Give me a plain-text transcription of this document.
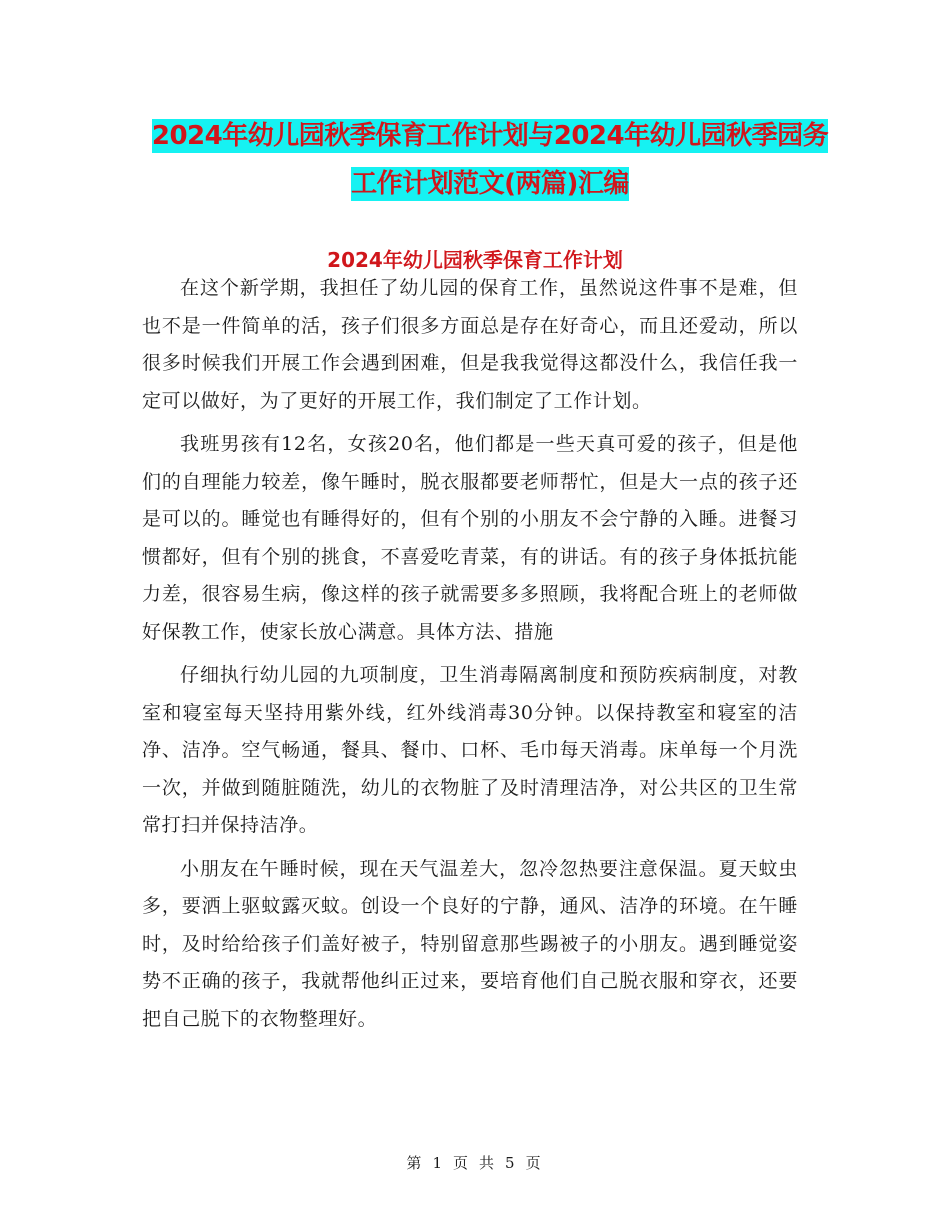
2024年幼儿园秋季保育工作计划与2024年幼儿园秋季园务工作计划范文(两篇)汇编
2024年幼儿园秋季保育工作计划

在这个新学期，我担任了幼儿园的保育工作，虽然说这件事不是难，但也不是一件简单的活，孩子们很多方面总是存在好奇心，而且还爱动，所以很多时候我们开展工作会遇到困难，但是我我觉得这都没什么，我信任我一定可以做好，为了更好的开展工作，我们制定了工作计划。

我班男孩有12名，女孩20名，他们都是一些天真可爱的孩子，但是他们的自理能力较差，像午睡时，脱衣服都要老师帮忙，但是大一点的孩子还是可以的。睡觉也有睡得好的，但有个别的小朋友不会宁静的入睡。进餐习惯都好，但有个别的挑食，不喜爱吃青菜，有的讲话。有的孩子身体抵抗能力差，很容易生病，像这样的孩子就需要多多照顾，我将配合班上的老师做好保教工作，使家长放心满意。具体方法、措施

仔细执行幼儿园的九项制度，卫生消毒隔离制度和预防疾病制度，对教室和寝室每天坚持用紫外线，红外线消毒30分钟。以保持教室和寝室的洁净、洁净。空气畅通，餐具、餐巾、口杯、毛巾每天消毒。床单每一个月洗一次，并做到随脏随洗，幼儿的衣物脏了及时清理洁净，对公共区的卫生常常打扫并保持洁净。

小朋友在午睡时候，现在天气温差大，忽冷忽热要注意保温。夏天蚊虫多，要洒上驱蚊露灭蚊。创设一个良好的宁静，通风、洁净的环境。在午睡时，及时给给孩子们盖好被子，特别留意那些踢被子的小朋友。遇到睡觉姿势不正确的孩子，我就帮他纠正过来，要培育他们自己脱衣服和穿衣，还要把自己脱下的衣物整理好。

第 1 页 共 5 页
